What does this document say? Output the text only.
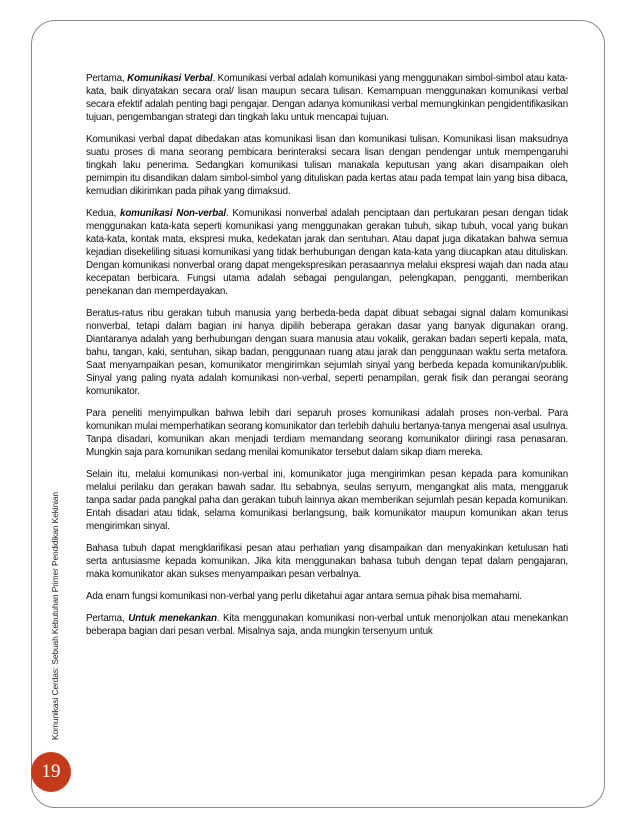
Komunikasi Cerdas: Sebuah Kebutuhan Primer Pendidikan Kekinian
19

Pertama, Komunikasi Verbal. Komunikasi verbal adalah komunikasi yang menggunakan simbol-simbol atau kata-kata, baik dinyatakan secara oral/ lisan maupun secara tulisan. Kemampuan menggunakan komunikasi verbal secara efektif adalah penting bagi pengajar. Dengan adanya komunikasi verbal memungkinkan pengidentifikasikan tujuan, pengembangan strategi dan tingkah laku untuk mencapai tujuan.

Komunikasi verbal dapat dibedakan atas komunikasi lisan dan komunikasi tulisan. Komunikasi lisan maksudnya suatu proses di mana seorang pembicara berinteraksi secara lisan dengan pendengar untuk mempengaruhi tingkah laku penerima. Sedangkan komunikasi tulisan manakala keputusan yang akan disampaikan oleh pemimpin itu disandikan dalam simbol-simbol yang dituliskan pada kertas atau pada tempat lain yang bisa dibaca, kemudian dikirimkan pada pihak yang dimaksud.

Kedua, komunikasi Non-verbal. Komunikasi nonverbal adalah penciptaan dan pertukaran pesan dengan tidak menggunakan kata-kata seperti komunikasi yang menggunakan gerakan tubuh, sikap tubuh, vocal yang bukan kata-kata, kontak mata, ekspresi muka, kedekatan jarak dan sentuhan. Atau dapat juga dikatakan bahwa semua kejadian disekeliling situasi komunikasi yang tidak berhubungan dengan kata-kata yang diucapkan atau dituliskan. Dengan komunikasi nonverbal orang dapat mengekspresikan perasaannya melalui ekspresi wajah dan nada atau kecepatan berbicara. Fungsi utama adalah sebagai pengulangan, pelengkapan, pengganti, memberikan penekanan dan memperdayakan.

Beratus-ratus ribu gerakan tubuh manusia yang berbeda-beda dapat dibuat sebagai signal dalam komunikasi nonverbal, tetapi dalam bagian ini hanya dipilih beberapa gerakan dasar yang banyak digunakan orang. Diantaranya adalah yang berhubungan dengan suara manusia atau vokalik, gerakan badan seperti kepala, mata, bahu, tangan, kaki, sentuhan, sikap badan, penggunaan ruang atau jarak dan penggunaan waktu serta metafora. Saat menyampaikan pesan, komunikator mengirimkan sejumlah sinyal yang berbeda kepada komunikan/publik. Sinyal yang paling nyata adalah komunikasi non-verbal, seperti penampilan, gerak fisik dan perangai seorang komunikator.

Para peneliti menyimpulkan bahwa lebih dari separuh proses komunikasi adalah proses non-verbal. Para komunikan mulai memperhatikan seorang komunikator dan terlebih dahulu bertanya-tanya mengenai asal usulnya. Tanpa disadari, komunikan akan menjadi terdiam memandang seorang komunikator diiringi rasa penasaran. Mungkin saja para komunikan sedang menilai komunikator tersebut dalam sikap diam mereka.

Selain itu, melalui komunikasi non-verbal ini, komunikator juga mengirimkan pesan kepada para komunikan melalui perilaku dan gerakan bawah sadar. Itu sebabnya, seulas senyum, mengangkat alis mata, menggaruk tanpa sadar pada pangkal paha dan gerakan tubuh lainnya akan memberikan sejumlah pesan kepada komunikan. Entah disadari atau tidak, selama komunikasi berlangsung, baik komunikator maupun komunikan akan terus mengirimkan sinyal.

Bahasa tubuh dapat mengklarifikasi pesan atau perhatian yang disampaikan dan menyakinkan ketulusan hati serta antusiasme kepada komunikan. Jika kita menggunakan bahasa tubuh dengan tepat dalam pengajaran, maka komunikator akan sukses menyampaikan pesan verbalnya.

Ada enam fungsi komunikasi non-verbal yang perlu diketahui agar antara semua pihak bisa memahami.

Pertama, Untuk menekankan. Kita menggunakan komunikasi non-verbal untuk menonjolkan atau menekankan beberapa bagian dari pesan verbal. Misalnya saja, anda mungkin tersenyum untuk
